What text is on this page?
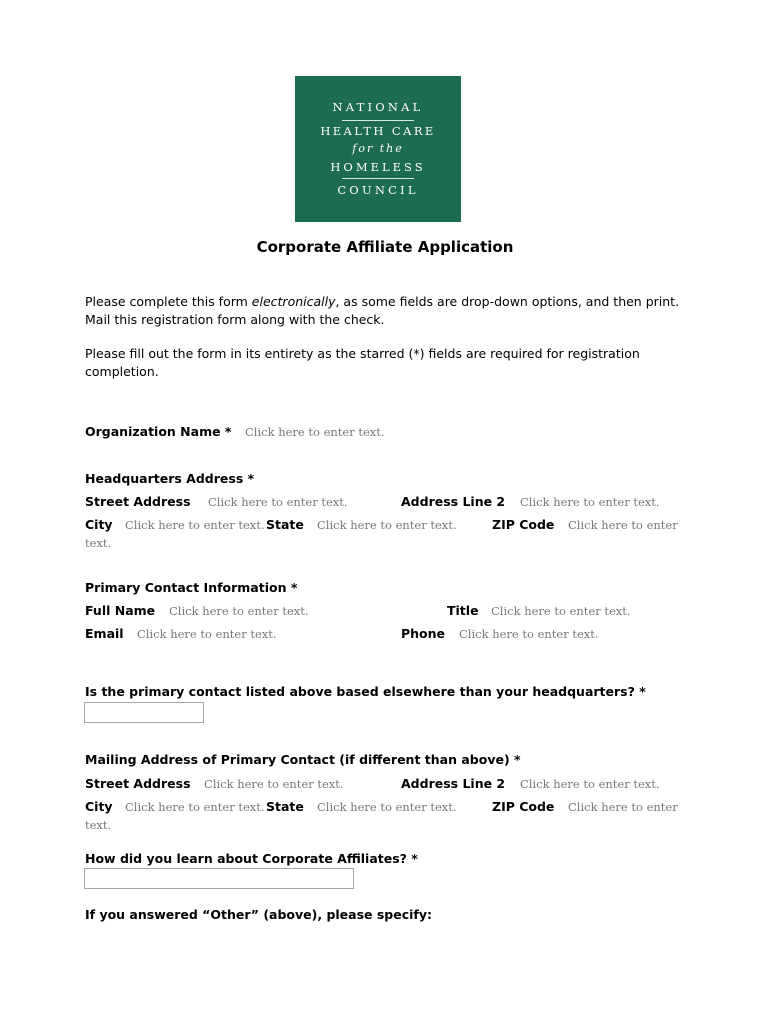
NATIONAL
HEALTH CARE
for the
HOMELESS
COUNCIL
Corporate Affiliate Application
Please complete this form electronically, as some fields are drop-down options, and then print. Mail this registration form along with the check.
Please fill out the form in its entirety as the starred (*) fields are required for registration completion.
Organization Name * Click here to enter text.
Headquarters Address *
Street Address Click here to enter text.	Address Line 2 Click here to enter text.
City Click here to enter text. State Click here to enter text.	ZIP Code Click here to enter
text.
Primary Contact Information *
Full Name Click here to enter text.	Title Click here to enter text.
Email Click here to enter text.	Phone Click here to enter text.
Is the primary contact listed above based elsewhere than your headquarters? *
Mailing Address of Primary Contact (if different than above) *
Street Address Click here to enter text.	Address Line 2 Click here to enter text.
City Click here to enter text. State Click here to enter text.	ZIP Code Click here to enter
text.
How did you learn about Corporate Affiliates? *
If you answered “Other” (above), please specify:
